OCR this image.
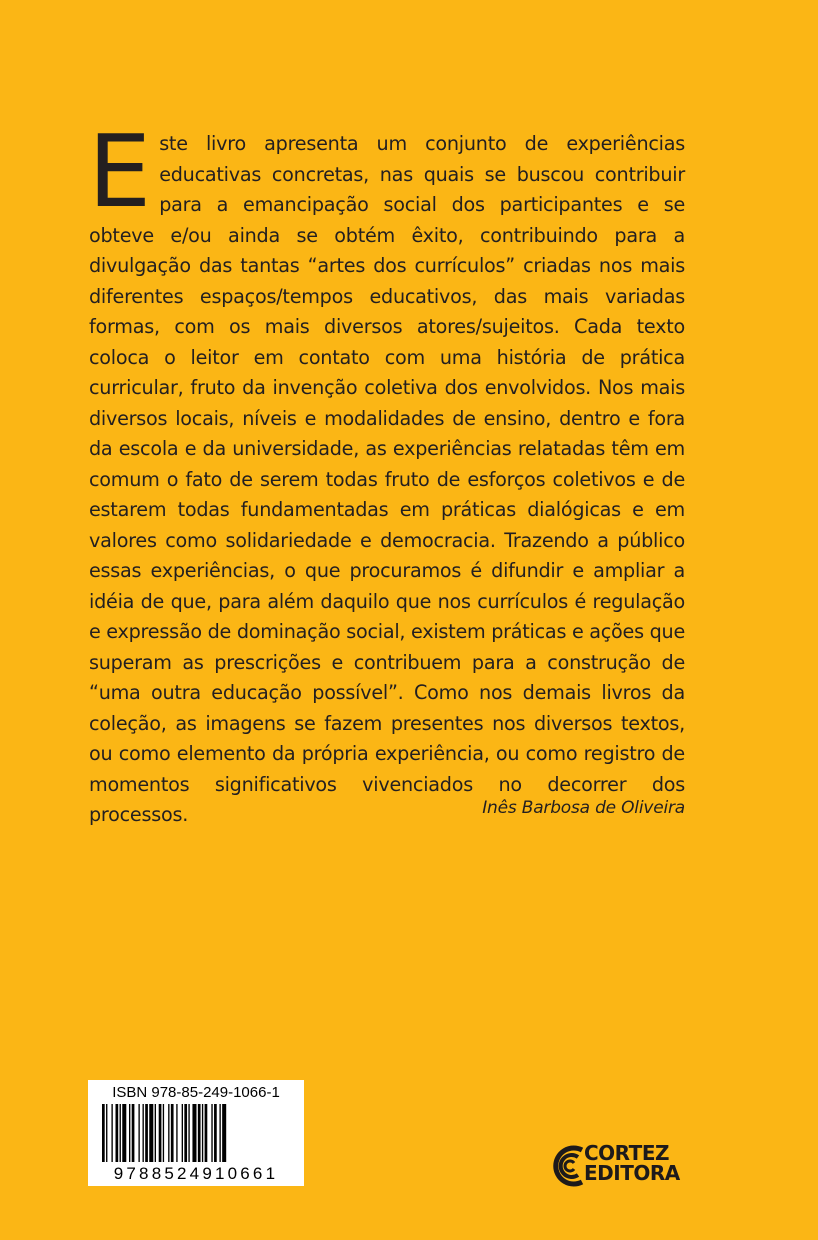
Este livro apresenta um conjunto de experiências educativas concretas, nas quais se buscou contribuir para a emancipação social dos participantes e se obteve e/ou ainda se obtém êxito, contribuindo para a divulgação das tantas “artes dos currículos” criadas nos mais diferentes espaços/tempos educativos, das mais variadas formas, com os mais diversos atores/sujeitos. Cada texto coloca o leitor em contato com uma história de prática curricular, fruto da invenção coletiva dos envolvidos. Nos mais diversos locais, níveis e modalidades de ensino, dentro e fora da escola e da universidade, as experiências relatadas têm em comum o fato de serem todas fruto de esforços coletivos e de estarem todas fundamentadas em práticas dialógicas e em valores como solidariedade e democracia. Trazendo a público essas experiências, o que procuramos é difundir e ampliar a idéia de que, para além daquilo que nos currículos é regulação e expressão de dominação social, existem práticas e ações que superam as prescrições e contribuem para a construção de “uma outra educação possível”. Como nos demais livros da coleção, as imagens se fazem presentes nos diversos textos, ou como elemento da própria experiência, ou como registro de momentos significativos vivenciados no decorrer dos processos.	Inês Barbosa de Oliveira
ISBN 978-85-249-1066-1
9788524910661
CORTEZ
EDITORA
